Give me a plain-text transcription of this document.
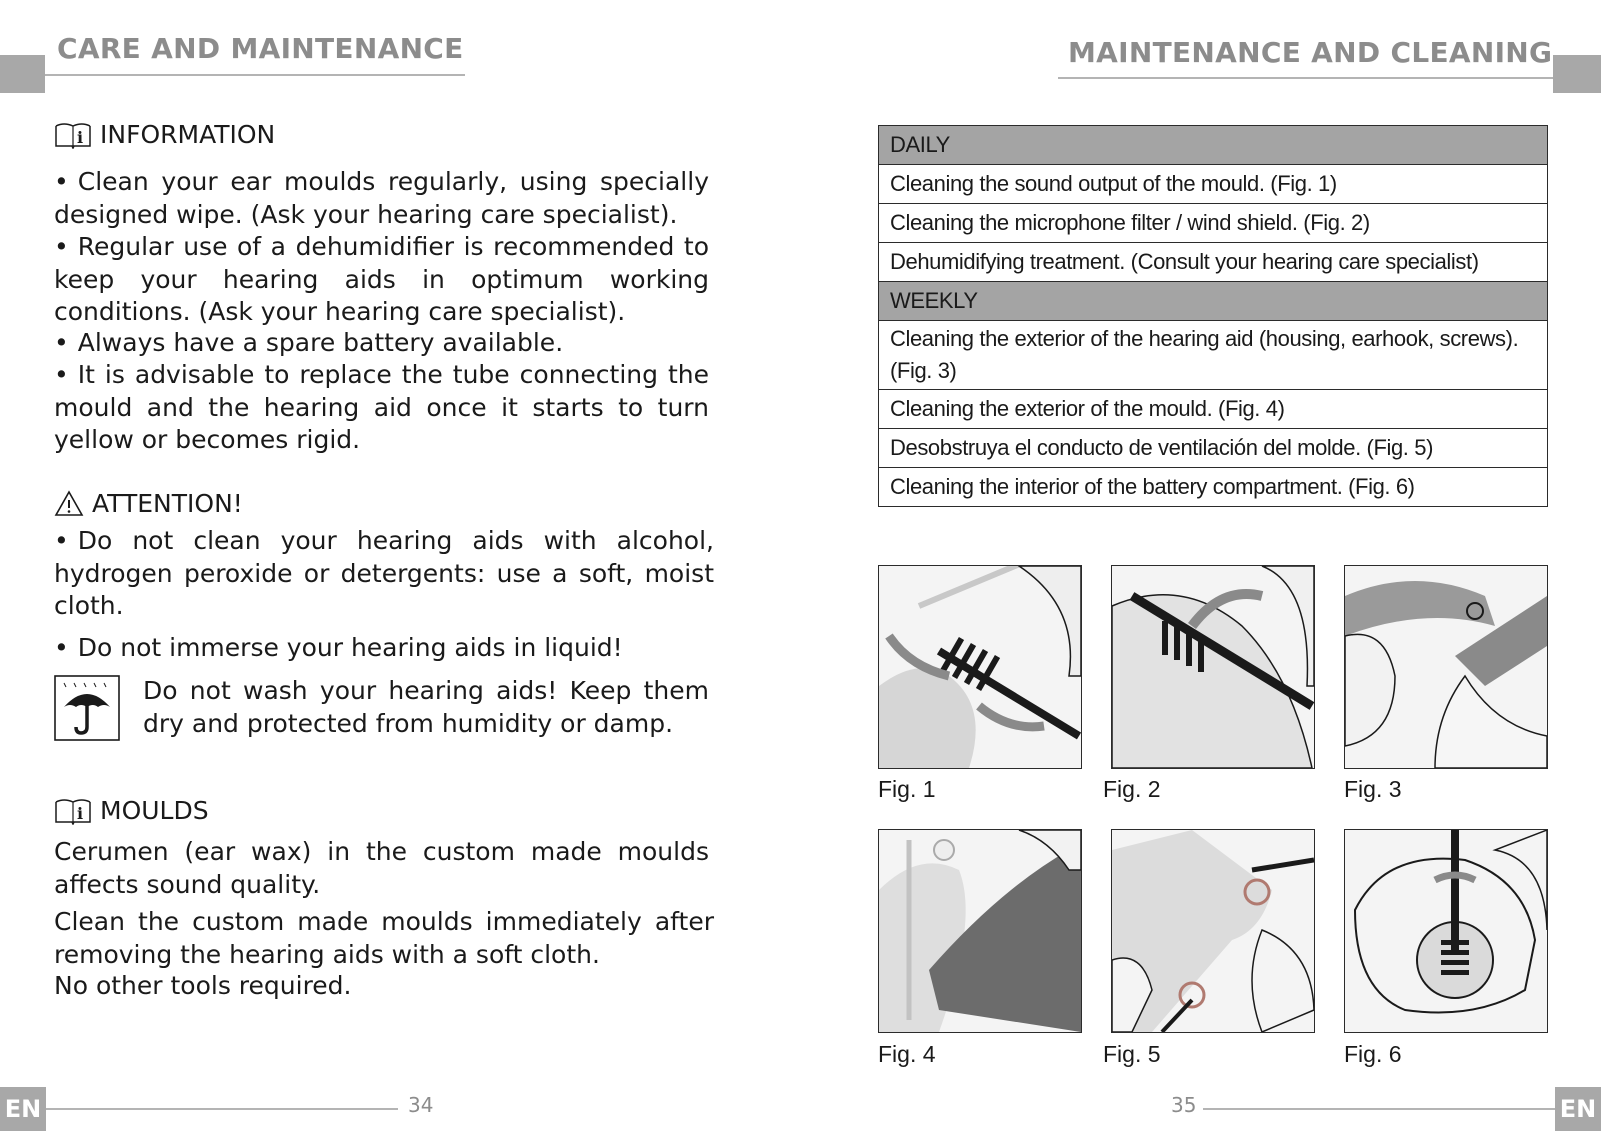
CARE AND MAINTENANCE
i INFORMATION
• Clean your ear moulds regularly, using specially designed wipe. (Ask your hearing care specialist).
• Regular use of a dehumidifier is recommended to keep your hearing aids in optimum working conditions. (Ask your hearing care specialist).
• Always have a spare battery available.
• It is advisable to replace the tube connecting the mould and the hearing aid once it starts to turn yellow or becomes rigid.
ATTENTION!
• Do not clean your hearing aids with alcohol, hydrogen peroxide or detergents: use a soft, moist cloth.
• Do not immerse your hearing aids in liquid!
Do not wash your hearing aids! Keep them dry and protected from humidity or damp.
i MOULDS
Cerumen (ear wax) in the custom made moulds affects sound quality.
Clean the custom made moulds immediately after removing the hearing aids with a soft cloth.
No other tools required.
EN	34
MAINTENANCE AND CLEANING
DAILY
Cleaning the sound output of the mould. (Fig. 1)
Cleaning the microphone filter / wind shield. (Fig. 2)
Dehumidifying treatment. (Consult your hearing care specialist)
WEEKLY
Cleaning the exterior of the hearing aid (housing, earhook, screws). (Fig. 3)
Cleaning the exterior of the mould. (Fig. 4)
Desobstruya el conducto de ventilación del molde. (Fig. 5)
Cleaning the interior of the battery compartment. (Fig. 6)
Fig. 1	Fig. 2	Fig. 3
Fig. 4	Fig. 5	Fig. 6
35	EN
